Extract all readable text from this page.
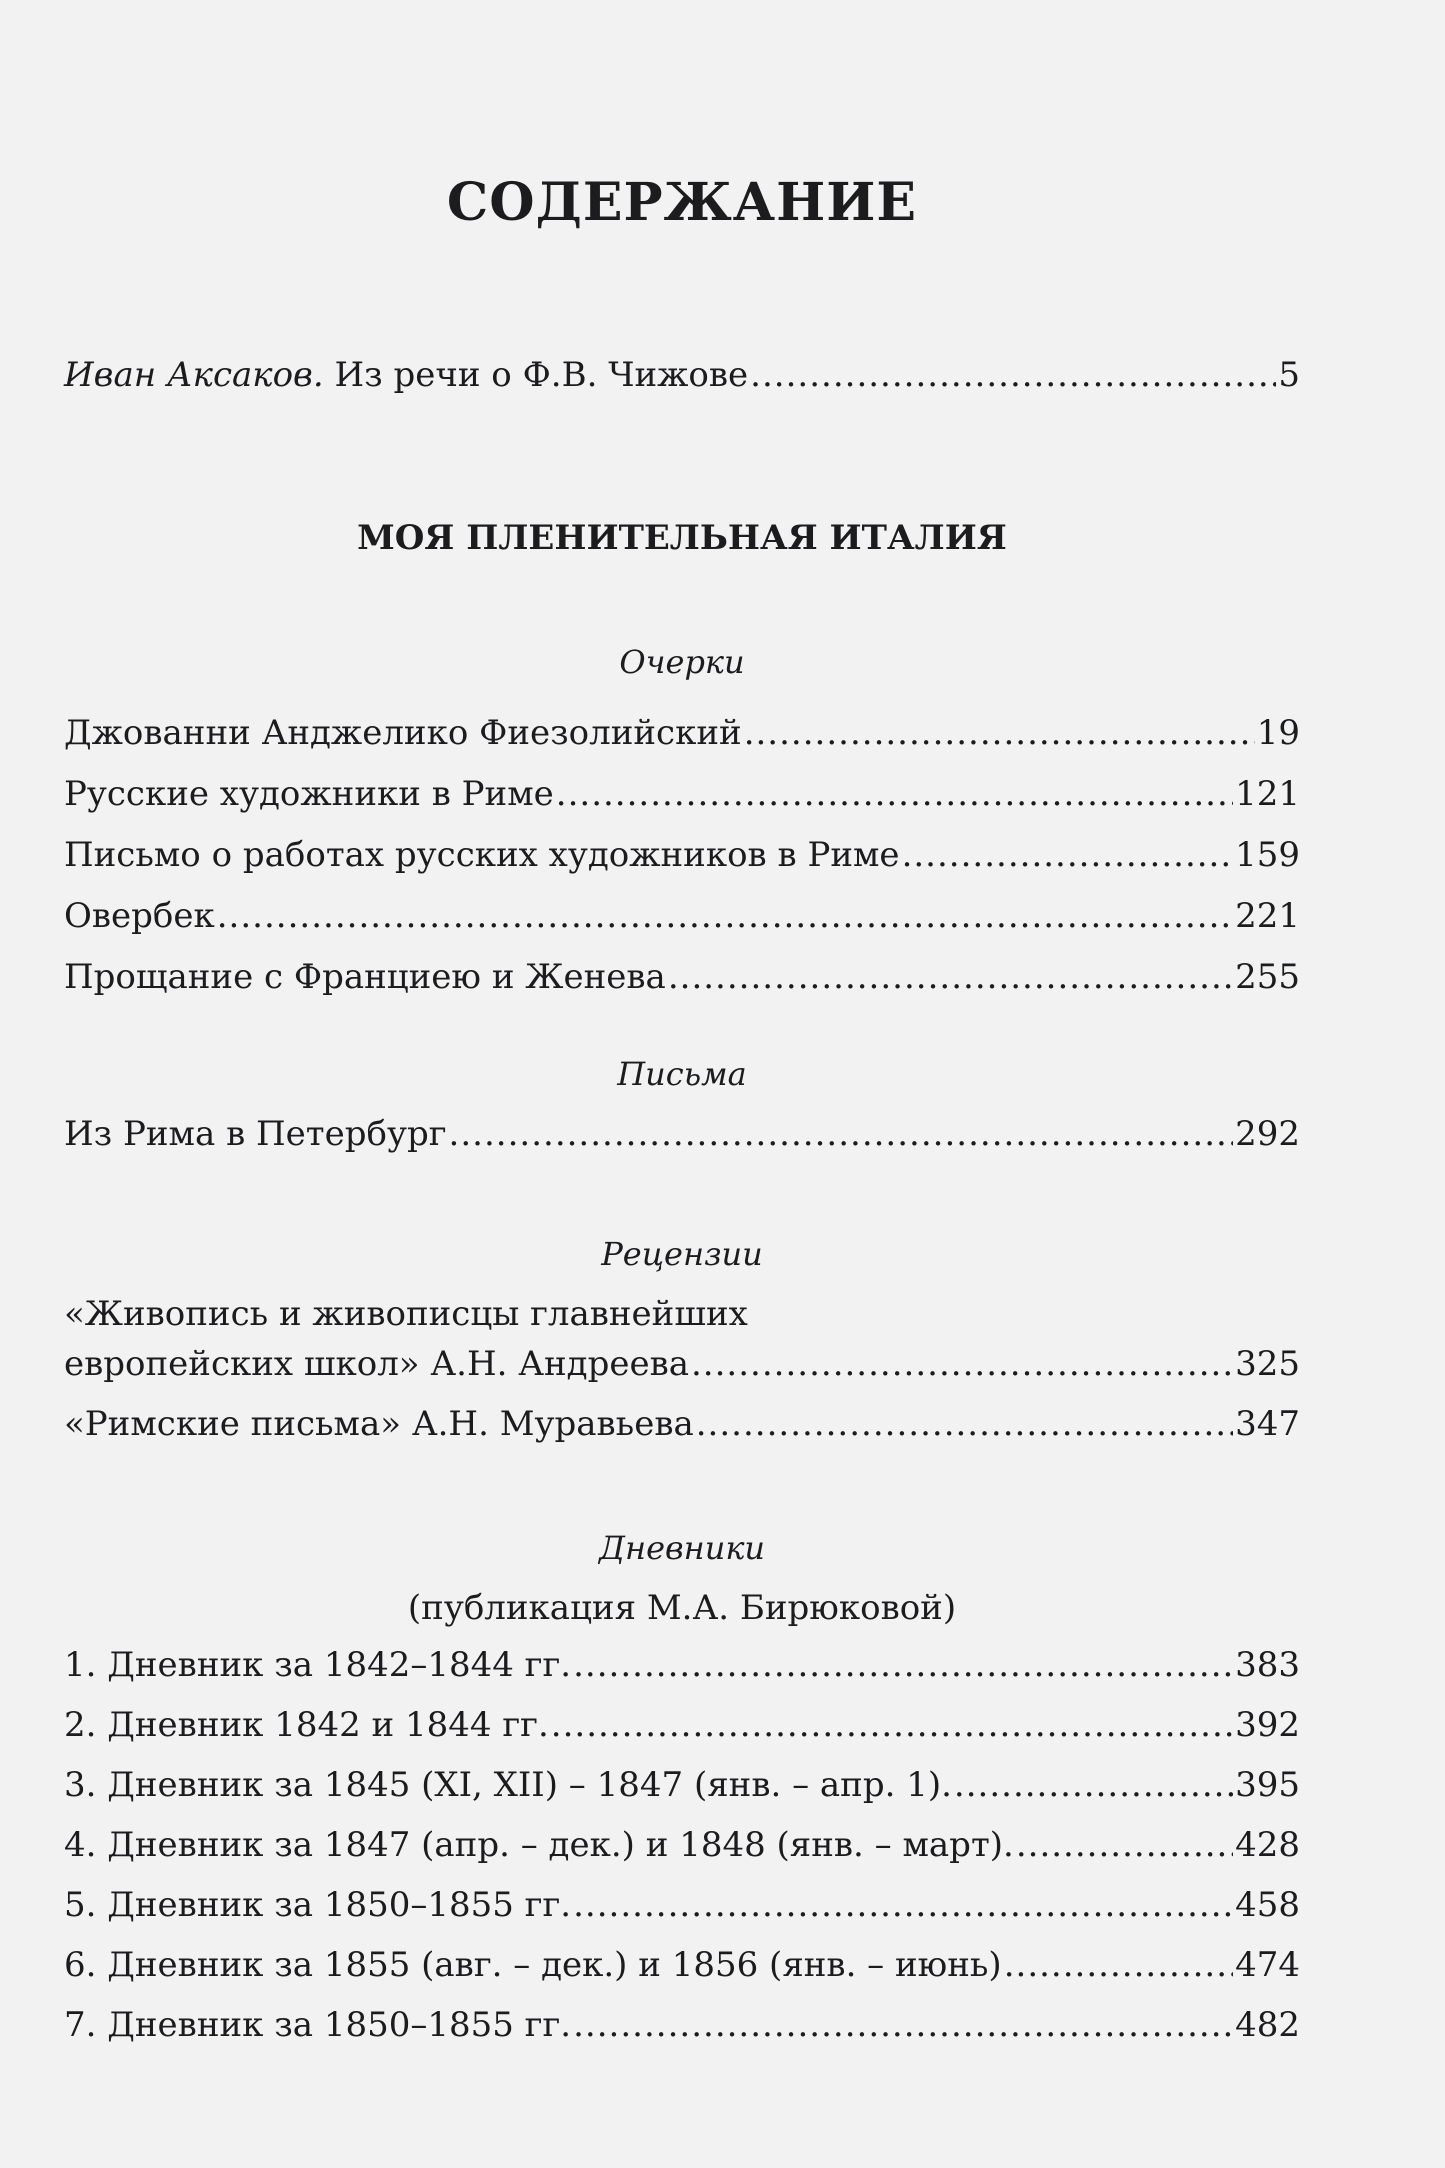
СОДЕРЖАНИЕ
Иван Аксаков. Из речи о Ф.В. Чижове .....	5
МОЯ ПЛЕНИТЕЛЬНАЯ ИТАЛИЯ
Очерки
Джованни Анджелико Фиезолийский .....	19
Русские художники в Риме .....	121
Письмо о работах русских художников в Риме .....	159
Овербек .....	221
Прощание с Франциею и Женева .....	255
Письма
Из Рима в Петербург .....	292
Рецензии
«Живопись и живописцы главнейших
европейских школ» А.Н. Андреева .....	325
«Римские письма» А.Н. Муравьева .....	347
Дневники
(публикация М.А. Бирюковой)
1. Дневник за 1842–1844 гг. .....	383
2. Дневник 1842 и 1844 гг. .....	392
3. Дневник за 1845 (XI, XII) – 1847 (янв. – апр. 1). .....	395
4. Дневник за 1847 (апр. – дек.) и 1848 (янв. – март). .....	428
5. Дневник за 1850–1855 гг. .....	458
6. Дневник за 1855 (авг. – дек.) и 1856 (янв. – июнь) .....	474
7. Дневник за 1850–1855 гг. .....	482
